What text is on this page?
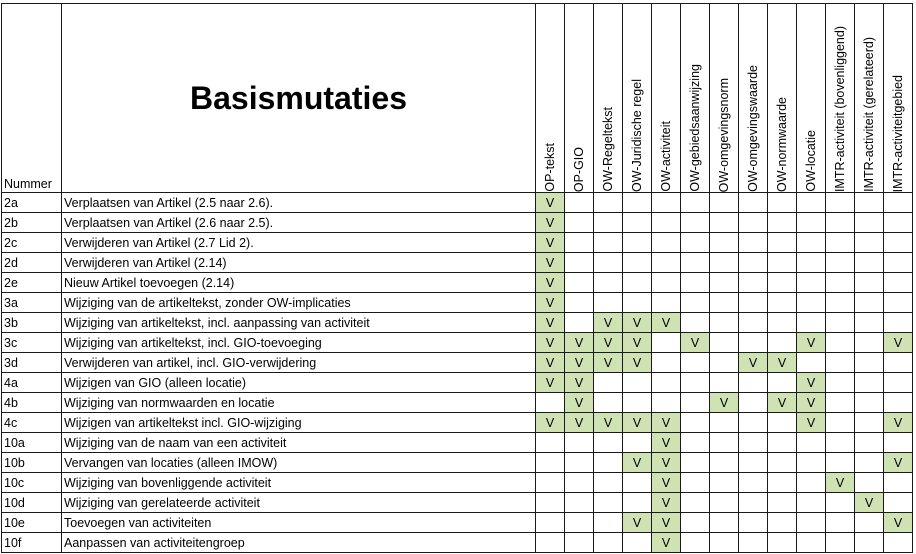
Nummer	Basismutaties	OP-tekst	OP-GIO	OW-Regeltekst	OW-Juridische regel	OW-activiteit	OW-gebiedsaanwijzing	OW-omgevingsnorm	OW-omgevingswaarde	OW-normwaarde	OW-locatie	IMTR-activiteit (bovenliggend)	IMTR-activiteit (gerelateerd)	IMTR-activiteitgebied

2a	Verplaatsen van Artikel (2.5 naar 2.6).	V												
2b	Verplaatsen van Artikel (2.6 naar 2.5).	V												
2c	Verwijderen van Artikel (2.7 Lid 2).	V												
2d	Verwijderen van Artikel (2.14)	V												
2e	Nieuw Artikel toevoegen (2.14)	V												
3a	Wijziging van de artikeltekst, zonder OW-implicaties	V												
3b	Wijziging van artikeltekst, incl. aanpassing van activiteit	V		V	V	V								
3c	Wijziging van artikeltekst, incl. GIO-toevoeging	V	V	V	V		V				V			V
3d	Verwijderen van artikel, incl. GIO-verwijdering	V	V	V	V				V	V				
4a	Wijzigen van GIO (alleen locatie)	V	V								V			
4b	Wijziging van normwaarden en locatie		V					V		V	V			
4c	Wijzigen van artikeltekst incl. GIO-wijziging	V	V	V	V	V					V			V
10a	Wijziging van de naam van een activiteit					V								
10b	Vervangen van locaties (alleen IMOW)				V	V								V
10c	Wijziging van bovenliggende activiteit					V						V		
10d	Wijziging van gerelateerde activiteit					V							V	
10e	Toevoegen van activiteiten				V	V								V
10f	Aanpassen van activiteitengroep					V								
